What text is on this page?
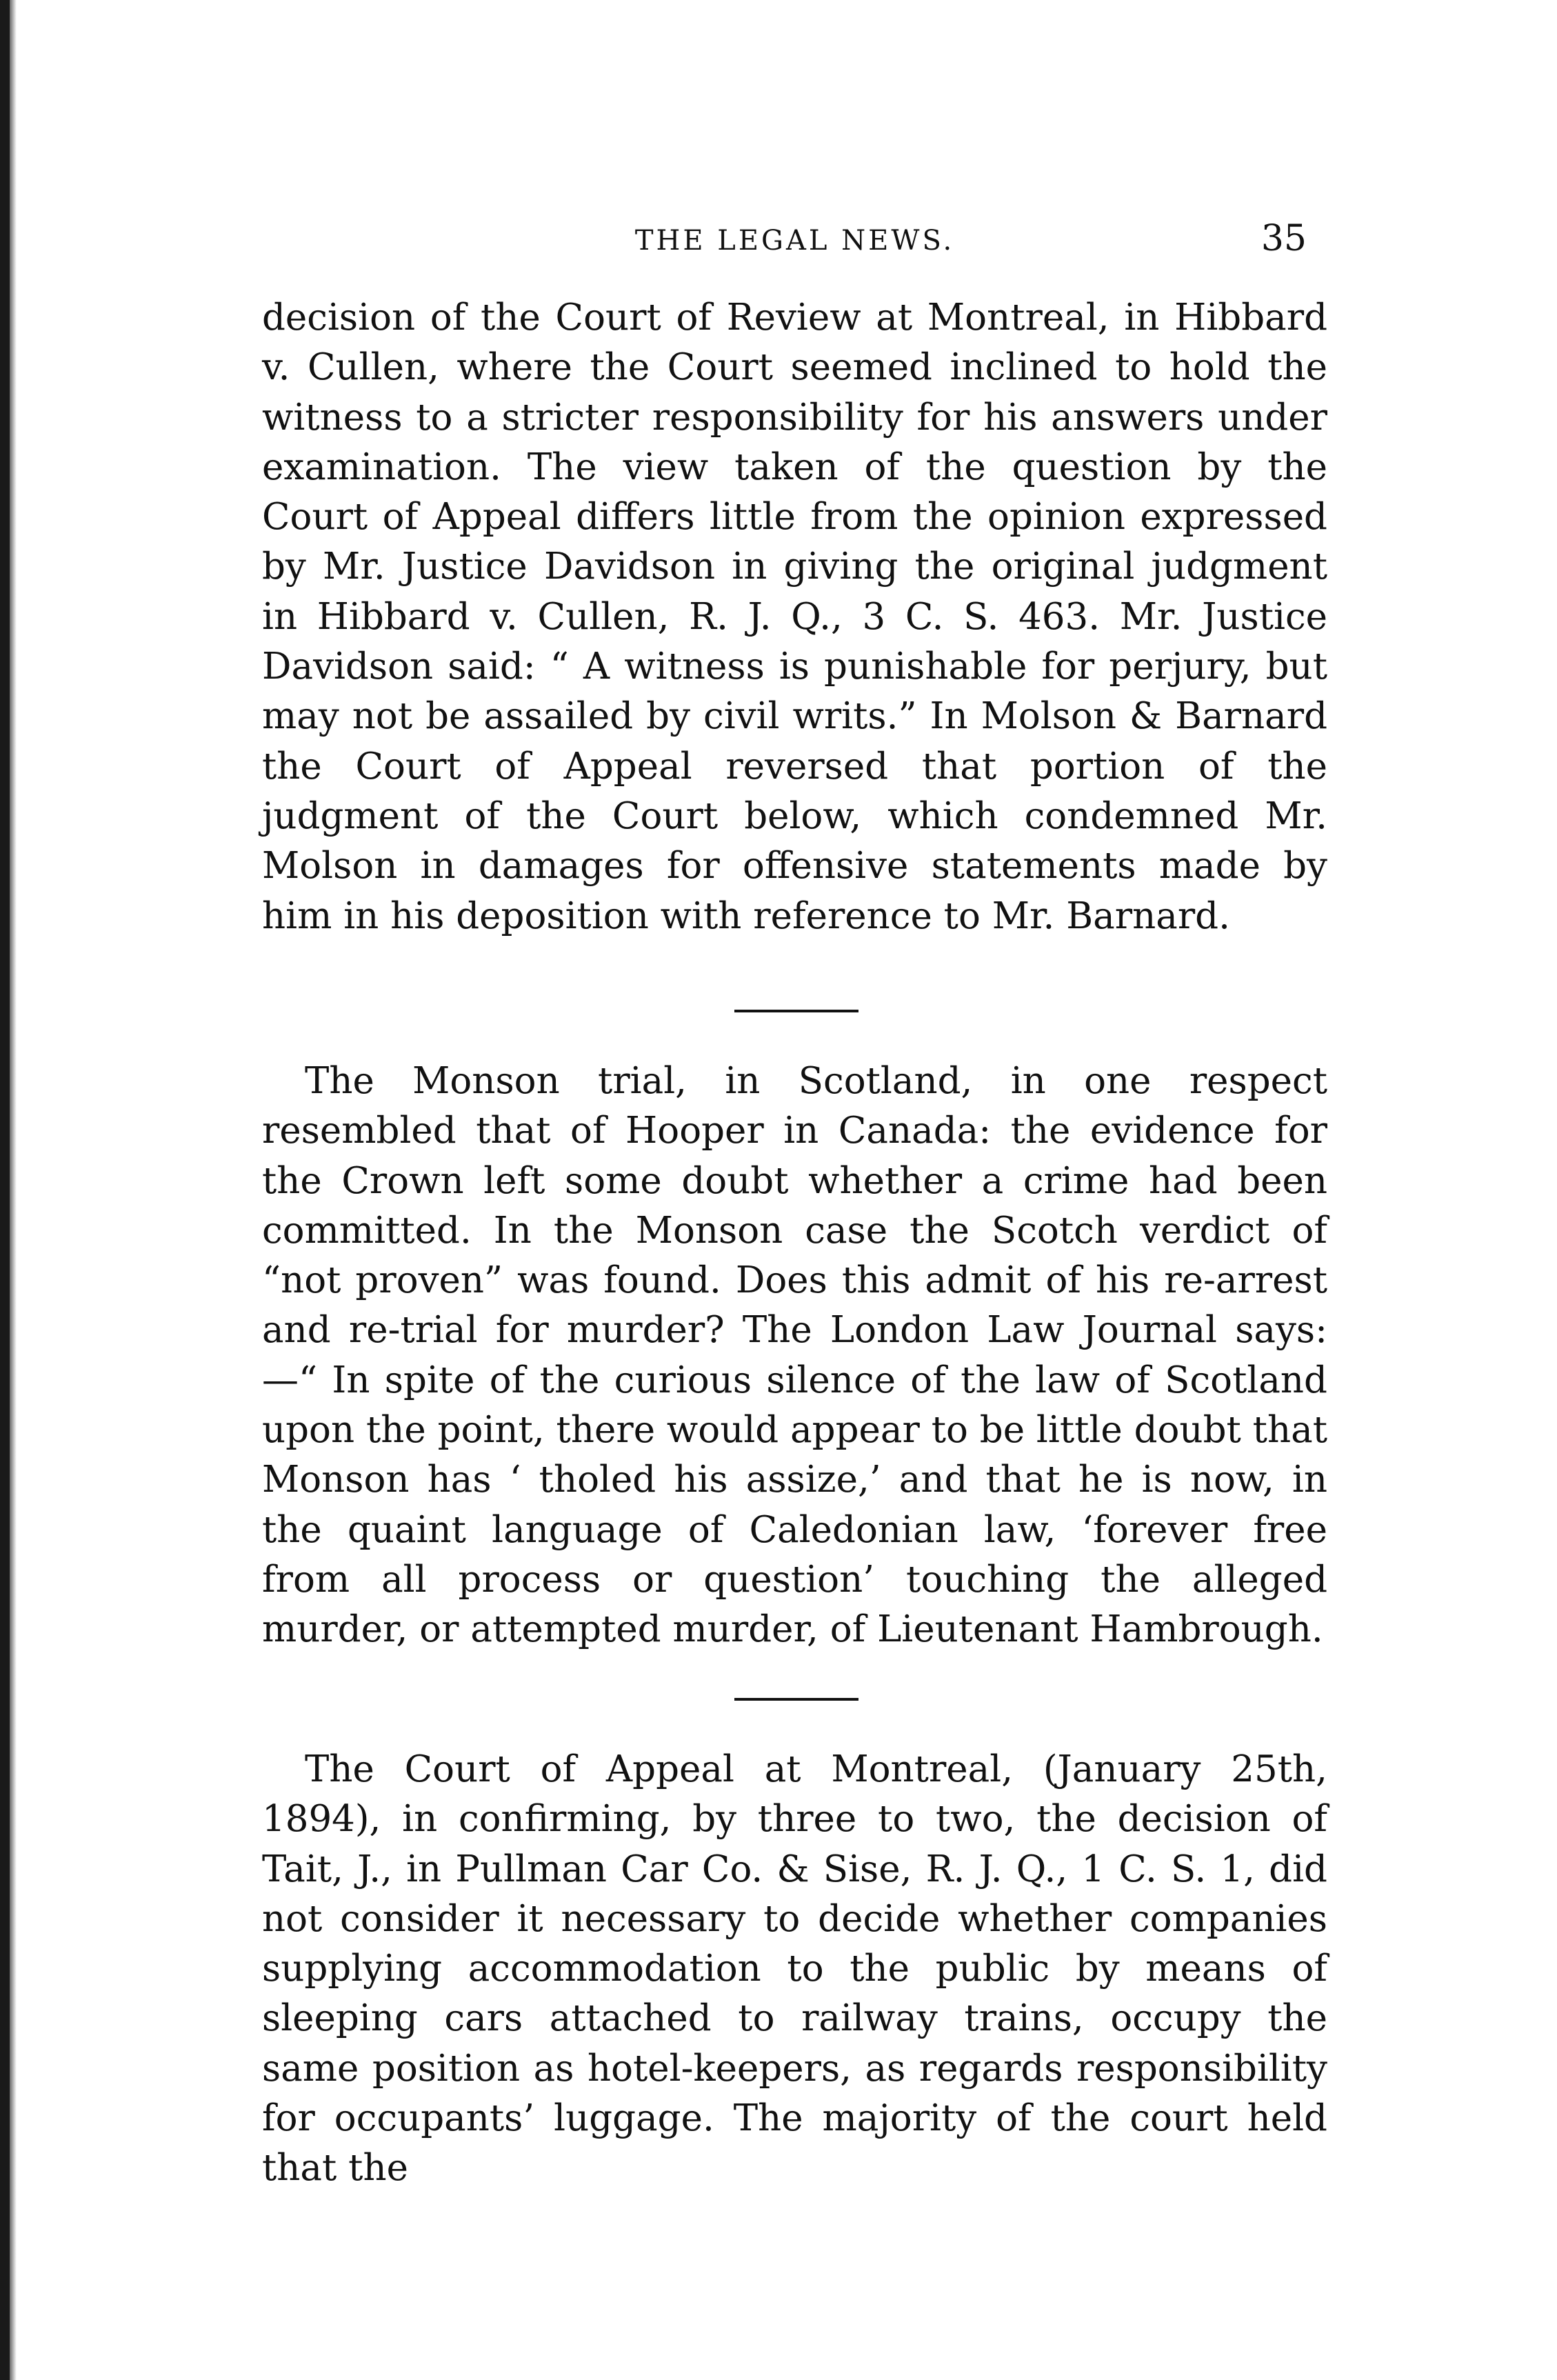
THE LEGAL NEWS.	35

decision of the Court of Review at Montreal, in Hibbard v. Cullen, where the Court seemed inclined to hold the witness to a stricter responsibility for his answers under examination. The view taken of the question by the Court of Appeal differs little from the opinion expressed by Mr. Justice Davidson in giving the original judgment in Hibbard v. Cullen, R. J. Q., 3 C. S. 463. Mr. Justice Davidson said: “ A witness is punishable for perjury, but may not be assailed by civil writs.” In Molson & Barnard the Court of Appeal reversed that portion of the judgment of the Court below, which condemned Mr. Molson in damages for offensive statements made by him in his deposition with reference to Mr. Barnard.

The Monson trial, in Scotland, in one respect resembled that of Hooper in Canada: the evidence for the Crown left some doubt whether a crime had been committed. In the Monson case the Scotch verdict of “not proven” was found. Does this admit of his re-arrest and re-trial for murder? The London Law Journal says:—“ In spite of the curious silence of the law of Scotland upon the point, there would appear to be little doubt that Monson has ‘ tholed his assize,’ and that he is now, in the quaint language of Caledonian law, ‘forever free from all process or question’ touching the alleged murder, or attempted murder, of Lieutenant Hambrough.

The Court of Appeal at Montreal, (January 25th, 1894), in confirming, by three to two, the decision of Tait, J., in Pullman Car Co. & Sise, R. J. Q., 1 C. S. 1, did not consider it necessary to decide whether companies supplying accommodation to the public by means of sleeping cars attached to railway trains, occupy the same position as hotel-keepers, as regards responsibility for occupants’ luggage. The majority of the court held that the
